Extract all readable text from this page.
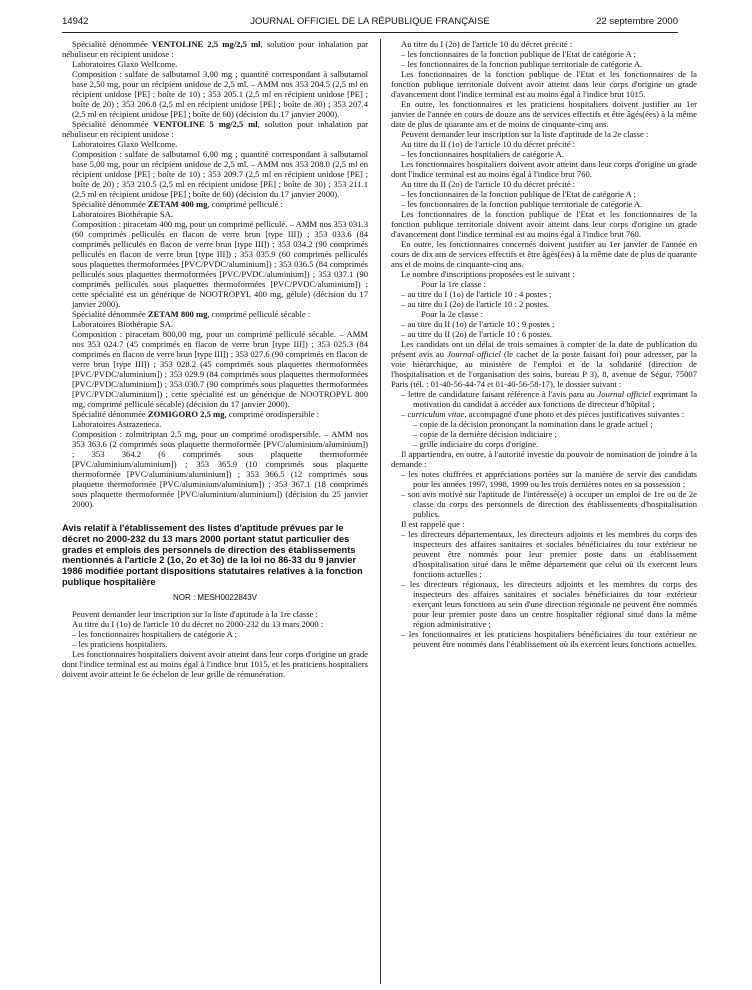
14942	JOURNAL OFFICIEL DE LA RÉPUBLIQUE FRANÇAISE	22 septembre 2000

Spécialité dénommée VENTOLINE 2,5 mg/2,5 ml, solution pour inhalation par nébuliseur en récipient unidose :

Laboratoires Glaxo Wellcome.

Composition : sulfate de salbutamol 3,00 mg ; quantité correspondant à salbutamol base 2,50 mg, pour un récipient unidose de 2,5 ml. – AMM nos 353 204.5 (2,5 ml en récipient unidose [PE] ; boîte de 10) ; 353 205.1 (2,5 ml en récipient unidose [PE] ; boîte de 20) ; 353 206.8 (2,5 ml en récipient unidose [PE] ; boîte de 30) ; 353 207.4 (2,5 ml en récipient unidose [PE] ; boîte de 60) (décision du 17 janvier 2000).

Spécialité dénommée VENTOLINE 5 mg/2,5 ml, solution pour inhalation par nébuliseur en récipient unidose :

Laboratoires Glaxo Wellcome.

Composition : sulfate de salbutamol 6,00 mg ; quantité correspondant à salbutamol base 5,00 mg, pour un récipient unidose de 2,5 ml. – AMM nos 353 208.0 (2,5 ml en récipient unidose [PE] ; boîte de 10) ; 353 209.7 (2,5 ml en récipient unidose [PE] ; boîte de 20) ; 353 210.5 (2,5 ml en récipient unidose [PE] ; boîte de 30) ; 353 211.1 (2,5 ml en récipient unidose [PE] ; boîte de 60) (décision du 17 janvier 2000).

Spécialité dénommée ZETAM 400 mg, comprimé pelliculé :

Laboratoires Biothérapie SA.

Composition : piracetam 400 mg, pour un comprimé pelliculé. – AMM nos 353 031.3 (60 comprimés pelliculés en flacon de verre brun [type III]) ; 353 033.6 (84 comprimés pelliculés en flacon de verre brun [type III]) ; 353 034.2 (90 comprimés pelliculés en flacon de verre brun [type III]) ; 353 035.9 (60 comprimés pelliculés sous plaquettes thermoformées [PVC/PVDC/aluminium]) ; 353 036.5 (84 comprimés pelliculés sous plaquettes thermoformées [PVC/PVDC/aluminium]) ; 353 037.1 (90 comprimés pelliculés sous plaquettes thermoformées [PVC/PVDC/aluminium]) ; cette spécialité est un générique de NOOTROPYL 400 mg, gélule) (décision du 17 janvier 2000).

Spécialité dénommée ZETAM 800 mg, comprimé pelliculé sécable :

Laboratoires Biothérapie SA.

Composition : piracetam 800,00 mg, pour un comprimé pelliculé sécable. – AMM nos 353 024.7 (45 comprimés en flacon de verre brun [type III]) ; 353 025.3 (84 comprimés en flacon de verre brun [type III]) ; 353 027.6 (90 comprimés en flacon de verre brun [type III]) ; 353 028.2 (45 comprimés sous plaquettes thermoformées [PVC/PVDC/aluminium]) ; 353 029.9 (84 comprimés sous plaquettes thermoformées [PVC/PVDC/aluminium]) ; 353 030.7 (90 comprimés sous plaquettes thermoformées [PVC/PVDC/aluminium]) ; cette spécialité est un générique de NOOTROPYL 800 mg, comprimé pelliculé sécable) (décision du 17 janvier 2000).

Spécialité dénommée ZOMIGORO 2,5 mg, comprimé orodispersible :

Laboratoires Astrazeneca.

Composition : zolmitriptan 2,5 mg, pour un comprimé orodispersible. – AMM nos 353 363.6 (2 comprimés sous plaquette thermoformée [PVC/aluminium/aluminium]) ; 353 364.2 (6 comprimés sous plaquette thermoformée [PVC/aluminium/aluminium]) ; 353 365.9 (10 comprimés sous plaquette thermoformée [PVC/aluminium/aluminium]) ; 353 366.5 (12 comprimés sous plaquette thermoformée [PVC/aluminium/aluminium]) ; 353 367.1 (18 comprimés sous plaquette thermoformée [PVC/aluminium/aluminium]) (décision du 25 janvier 2000).

Avis relatif à l'établissement des listes d'aptitude prévues par le décret no 2000-232 du 13 mars 2000 portant statut particulier des grades et emplois des personnels de direction des établissements mentionnés à l'article 2 (1o, 2o et 3o) de la loi no 86-33 du 9 janvier 1986 modifiée portant dispositions statutaires relatives à la fonction publique hospitalière

NOR : MESH0022843V

Peuvent demander leur inscription sur la liste d'aptitude à la 1re classe :

Au titre du I (1o) de l'article 10 du décret no 2000-232 du 13 mars 2000 :

– les fonctionnaires hospitaliers de catégorie A ;

– les praticiens hospitaliers.

Les fonctionnaires hospitaliers doivent avoir atteint dans leur corps d'origine un grade dont l'indice terminal est au moins égal à l'indice brut 1015, et les praticiens hospitaliers doivent avoir atteint le 6e échelon de leur grille de rémunération.

Au titre du I (2o) de l'article 10 du décret précité :

– les fonctionnaires de la fonction publique de l'Etat de catégorie A ;

– les fonctionnaires de la fonction publique territoriale de catégorie A.

Les fonctionnaires de la fonction publique de l'Etat et les fonctionnaires de la fonction publique territoriale doivent avoir atteint dans leur corps d'origine un grade d'avancement dont l'indice terminal est au moins égal à l'indice brut 1015.

En outre, les fonctionnaires et les praticiens hospitaliers doivent justifier au 1er janvier de l'année en cours de douze ans de services effectifs et être âgés(ées) à la même date de plus de quarante ans et de moins de cinquante-cinq ans.

Peuvent demander leur inscription sur la liste d'aptitude de la 2e classe :

Au titre du II (1o) de l'article 10 du décret précité :

– les fonctionnaires hospitaliers de catégorie A.

Les fonctionnaires hospitaliers doivent avoir atteint dans leur corps d'origine un grade dont l'indice terminal est au moins égal à l'indice brut 760.

Au titre du II (2o) de l'article 10 du décret précité :

– les fonctionnaires de la fonction publique de l'Etat de catégorie A ;

– les fonctionnaires de la fonction publique territoriale de catégorie A.

Les fonctionnaires de la fonction publique de l'Etat et les fonctionnaires de la fonction publique territoriale doivent avoir atteint dans leur corps d'origine un grade d'avancement dont l'indice terminal est au moins égal à l'indice brut 760.

En outre, les fonctionnaires concernés doivent justifier au 1er janvier de l'année en cours de dix ans de services effectifs et être âgés(ées) à la même date de plus de quarante ans et de moins de cinquante-cinq ans.

Le nombre d'inscriptions proposées est le suivant :

Pour la 1re classe :

– au titre du I (1o) de l'article 10 : 4 postes ;

– au titre du I (2o) de l'article 10 : 2 postes.

Pour la 2e classe :

– au titre du II (1o) de l'article 10 : 9 postes ;

– au titre du II (2o) de l'article 10 : 6 postes.

Les candidats ont un délai de trois semaines à compter de la date de publication du présent avis au Journal officiel (le cachet de la poste faisant foi) pour adresser, par la voie hiérarchique, au ministère de l'emploi et de la solidarité (direction de l'hospitalisation et de l'organisation des soins, bureau P 3), 8, avenue de Ségur, 75007 Paris (tél. : 01-40-56-44-74 et 01-40-56-58-17), le dossier suivant :

– lettre de candidature faisant référence à l'avis paru au Journal officiel exprimant la motivation du candidat à accéder aux fonctions de directeur d'hôpital ;

– curriculum vitae, accompagné d'une photo et des pièces justificatives suivantes :

– copie de la décision prononçant la nomination dans le grade actuel ;

– copie de la dernière décision indiciaire ;

– grille indiciaire du corps d'origine.

Il appartiendra, en outre, à l'autorité investie du pouvoir de nomination de joindre à la demande :

– les notes chiffrées et appréciations portées sur la manière de servir des candidats pour les années 1997, 1998, 1999 ou les trois dernières notes en sa possession ;

– son avis motivé sur l'aptitude de l'intéressé(e) à occuper un emploi de 1re ou de 2e classe du corps des personnels de direction des établissements d'hospitalisation publics.

Il est rappelé que :

– les directeurs départementaux, les directeurs adjoints et les membres du corps des inspecteurs des affaires sanitaires et sociales bénéficiaires du tour extérieur ne peuvent être nommés pour leur premier poste dans un établissement d'hospitalisation situé dans le même département que celui où ils exercent leurs fonctions actuelles ;

– les directeurs régionaux, les directeurs adjoints et les membres du corps des inspecteurs des affaires sanitaires et sociales bénéficiaires du tour extérieur exerçant leurs fonctions au sein d'une direction régionale ne peuvent être nommés pour leur premier poste dans un centre hospitalier régional situé dans la même région administrative ;

– les fonctionnaires et les praticiens hospitaliers bénéficiaires du tour extérieur ne peuvent être nommés dans l'établissement où ils exercent leurs fonctions actuelles.
